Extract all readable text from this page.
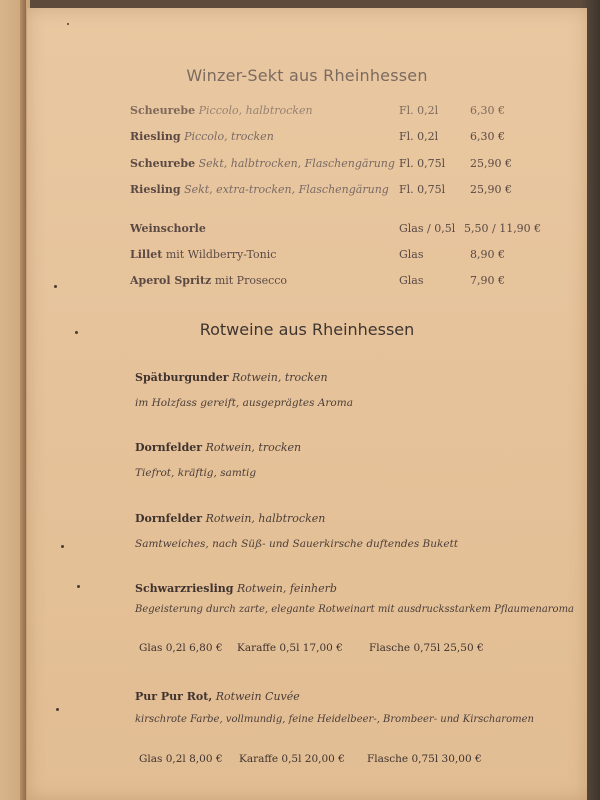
Winzer-Sekt aus Rheinhessen
Scheurebe Piccolo, halbtrocken	Fl. 0,2l	6,30 €
Riesling Piccolo, trocken	Fl. 0,2l	6,30 €
Scheurebe Sekt, halbtrocken, Flaschengärung Fl. 0,75l 25,90 €
Riesling Sekt, extra-trocken, Flaschengärung Fl. 0,75l 25,90 €
Weinschorle	Glas / 0,5l 5,50 / 11,90 €
Lillet mit Wildberry-Tonic	Glas	8,90 €
Aperol Spritz mit Prosecco	Glas	7,90 €
Rotweine aus Rheinhessen
Spätburgunder Rotwein, trocken
im Holzfass gereift, ausgeprägtes Aroma
Dornfelder Rotwein, trocken
Tiefrot, kräftig, samtig
Dornfelder Rotwein, halbtrocken
Samtweiches, nach Süß- und Sauerkirsche duftendes Bukett
Schwarzriesling Rotwein, feinherb
Begeisterung durch zarte, elegante Rotweinart mit ausdrucksstarkem Pflaumenaroma
Glas 0,2l 6,80 € Karaffe 0,5l 17,00 € Flasche 0,75l 25,50 €
Pur Pur Rot, Rotwein Cuvée
kirschrote Farbe, vollmundig, feine Heidelbeer-, Brombeer- und Kirscharomen
Glas 0,2l 8,00 € Karaffe 0,5l 20,00 € Flasche 0,75l 30,00 €
